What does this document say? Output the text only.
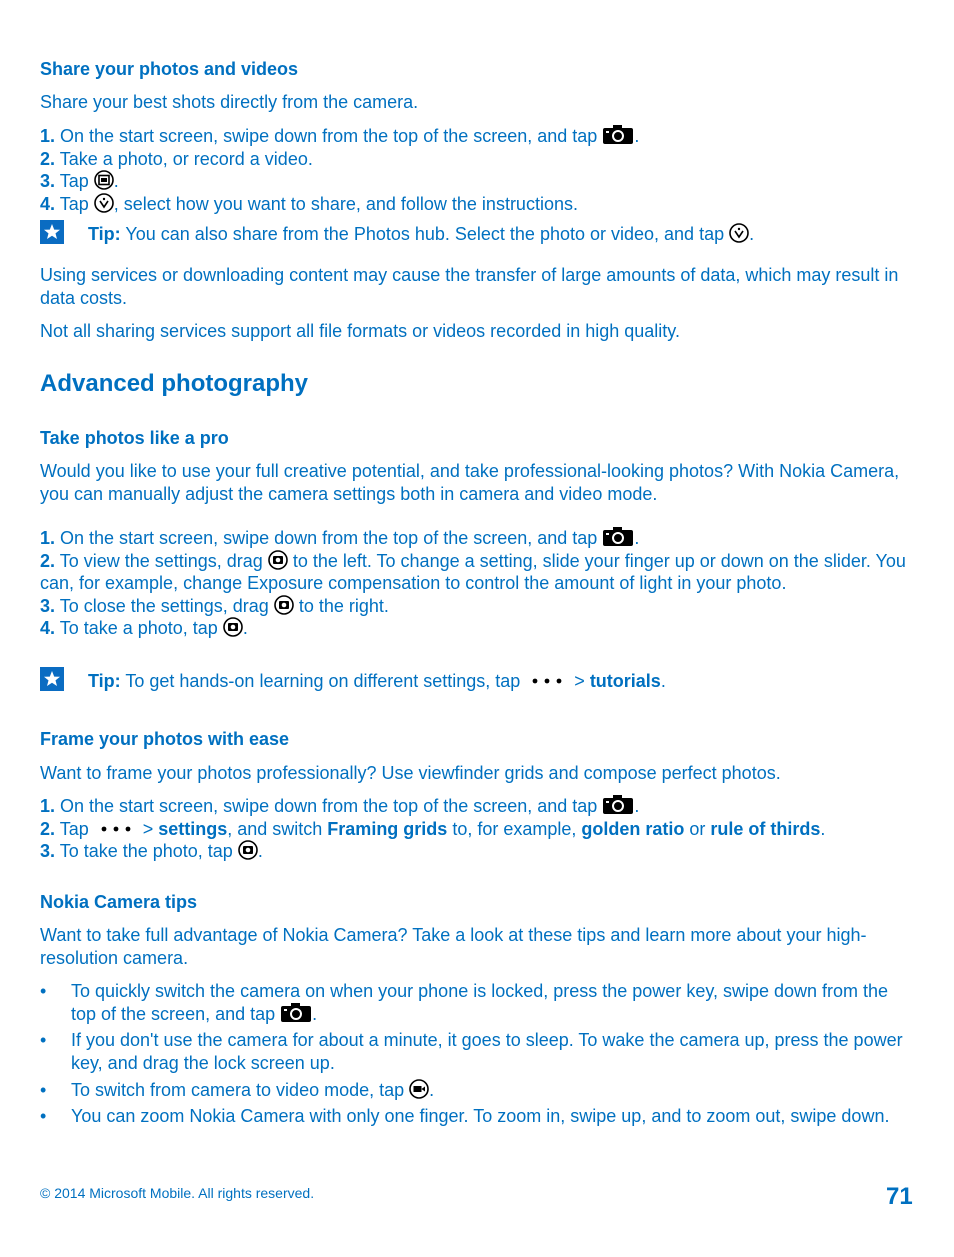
Share your photos and videos
Share your best shots directly from the camera.
1. On the start screen, swipe down from the top of the screen, and tap
.
2. Take a photo, or record a video.
3. Tap
.
4. Tap
, select how you want to share, and follow the instructions.
Tip: You can also share from the Photos hub. Select the photo or video, and tap
.
Using services or downloading content may cause the transfer of large amounts of data, which may result in data costs.
Not all sharing services support all file formats or videos recorded in high quality.
Advanced photography
Take photos like a pro
Would you like to use your full creative potential, and take professional-looking photos? With Nokia Camera, you can manually adjust the camera settings both in camera and video mode.
1. On the start screen, swipe down from the top of the screen, and tap
.
2. To view the settings, drag
to the left. To change a setting, slide your finger up or down on the slider. You can, for example, change Exposure compensation to control the amount of light in your photo.
3. To close the settings, drag
to the right.
4. To take a photo, tap
.
Tip: To get hands-on learning on different settings, tap
> tutorials.
Frame your photos with ease
Want to frame your photos professionally? Use viewfinder grids and compose perfect photos.
1. On the start screen, swipe down from the top of the screen, and tap
.
2. Tap
> settings, and switch Framing grids to, for example, golden ratio or rule of thirds.
3. To take the photo, tap
.
Nokia Camera tips
Want to take full advantage of Nokia Camera? Take a look at these tips and learn more about your high-resolution camera.
• To quickly switch the camera on when your phone is locked, press the power key, swipe down from the top of the screen, and tap
.
• If you don't use the camera for about a minute, it goes to sleep. To wake the camera up, press the power key, and drag the lock screen up.
• To switch from camera to video mode, tap
.
• You can zoom Nokia Camera with only one finger. To zoom in, swipe up, and to zoom out, swipe down.
© 2014 Microsoft Mobile. All rights reserved.	71
